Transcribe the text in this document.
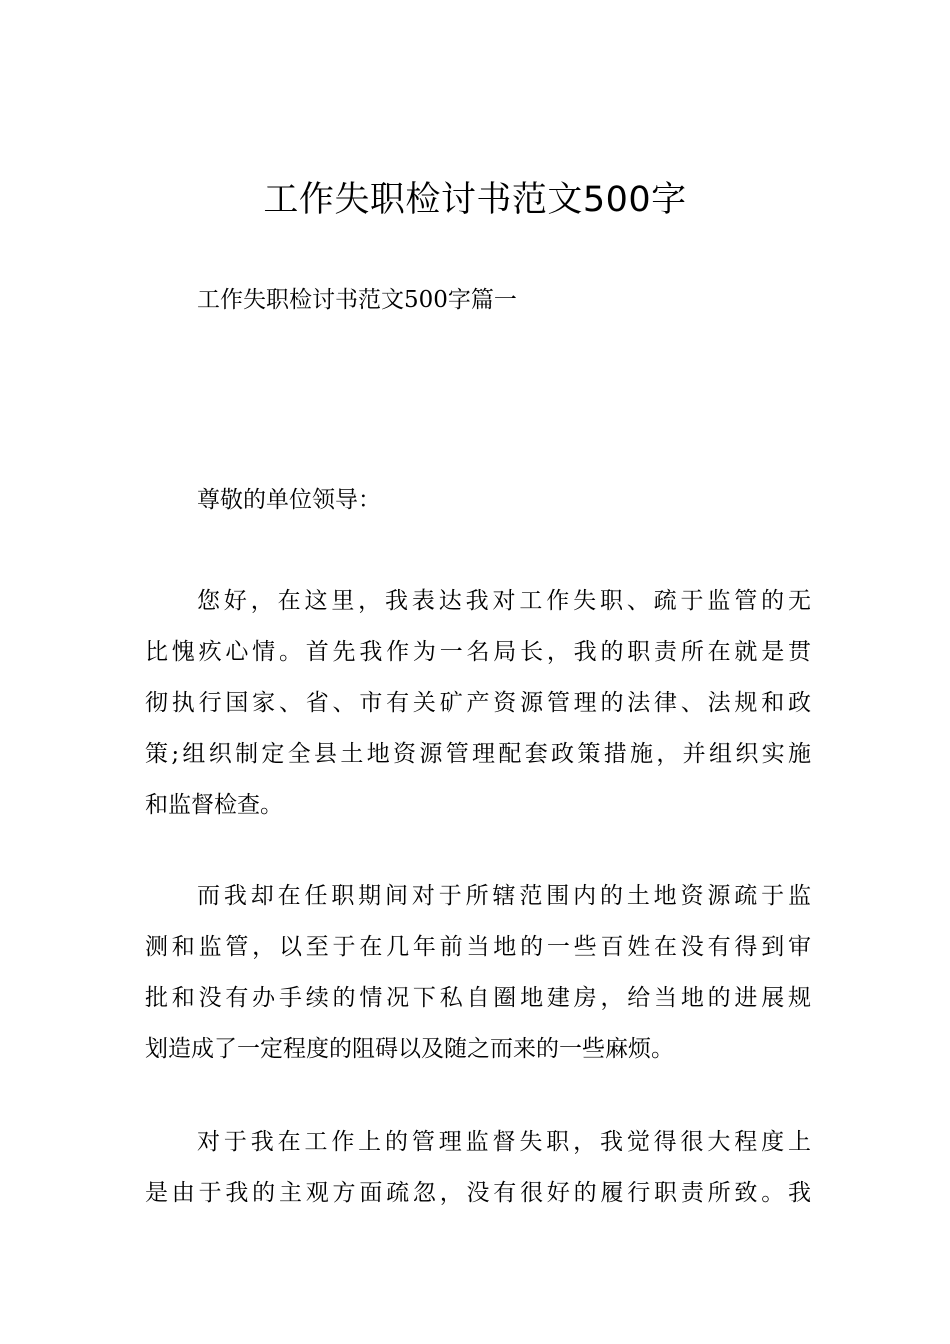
工作失职检讨书范文500字
工作失职检讨书范文500字篇一
尊敬的单位领导：
您好，在这里，我表达我对工作失职、疏于监管的无
比愧疚心情。首先我作为一名局长，我的职责所在就是贯
彻执行国家、省、市有关矿产资源管理的法律、法规和政
策;组织制定全县土地资源管理配套政策措施，并组织实施
和监督检查。
而我却在任职期间对于所辖范围内的土地资源疏于监
测和监管，以至于在几年前当地的一些百姓在没有得到审
批和没有办手续的情况下私自圈地建房，给当地的进展规
划造成了一定程度的阻碍以及随之而来的一些麻烦。
对于我在工作上的管理监督失职，我觉得很大程度上
是由于我的主观方面疏忽，没有很好的履行职责所致。我
